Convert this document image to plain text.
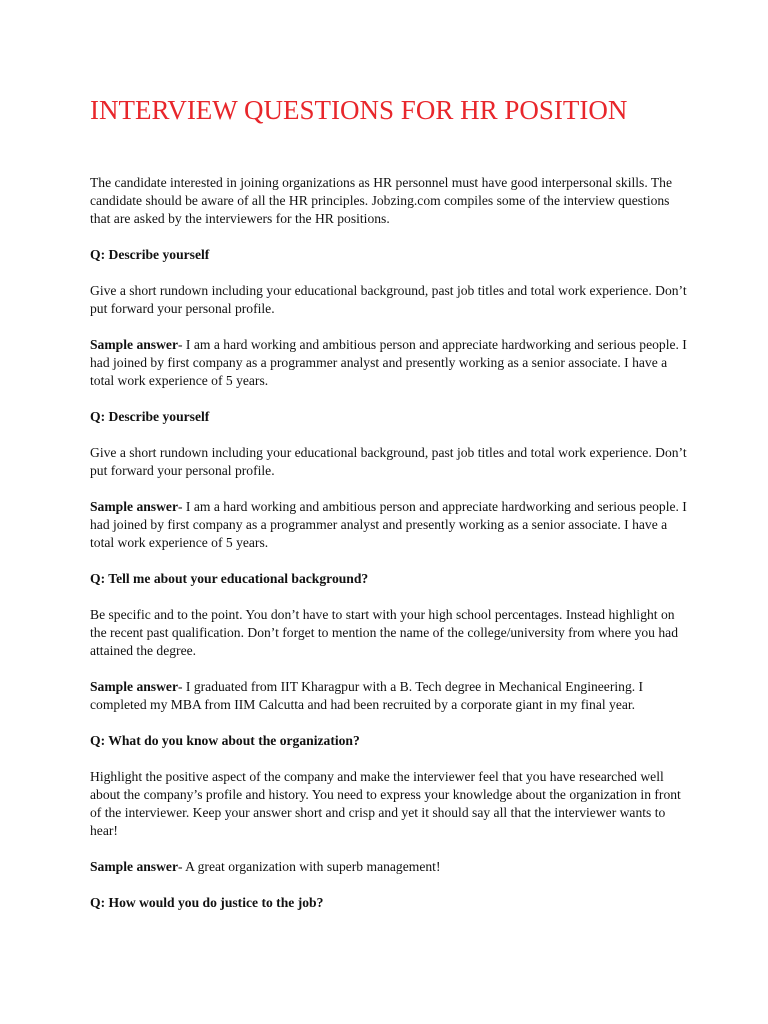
INTERVIEW QUESTIONS FOR HR POSITION

The candidate interested in joining organizations as HR personnel must have good interpersonal skills. The candidate should be aware of all the HR principles. Jobzing.com compiles some of the interview questions that are asked by the interviewers for the HR positions.

Q: Describe yourself

Give a short rundown including your educational background, past job titles and total work experience. Don’t put forward your personal profile.

Sample answer- I am a hard working and ambitious person and appreciate hardworking and serious people. I had joined by first company as a programmer analyst and presently working as a senior associate. I have a total work experience of 5 years.

Q: Describe yourself

Give a short rundown including your educational background, past job titles and total work experience. Don’t put forward your personal profile.

Sample answer- I am a hard working and ambitious person and appreciate hardworking and serious people. I had joined by first company as a programmer analyst and presently working as a senior associate. I have a total work experience of 5 years.

Q: Tell me about your educational background?

Be specific and to the point. You don’t have to start with your high school percentages. Instead highlight on the recent past qualification. Don’t forget to mention the name of the college/university from where you had attained the degree.

Sample answer- I graduated from IIT Kharagpur with a B. Tech degree in Mechanical Engineering. I completed my MBA from IIM Calcutta and had been recruited by a corporate giant in my final year.

Q: What do you know about the organization?

Highlight the positive aspect of the company and make the interviewer feel that you have researched well about the company’s profile and history. You need to express your knowledge about the organization in front of the interviewer. Keep your answer short and crisp and yet it should say all that the interviewer wants to hear!

Sample answer- A great organization with superb management!

Q: How would you do justice to the job?
